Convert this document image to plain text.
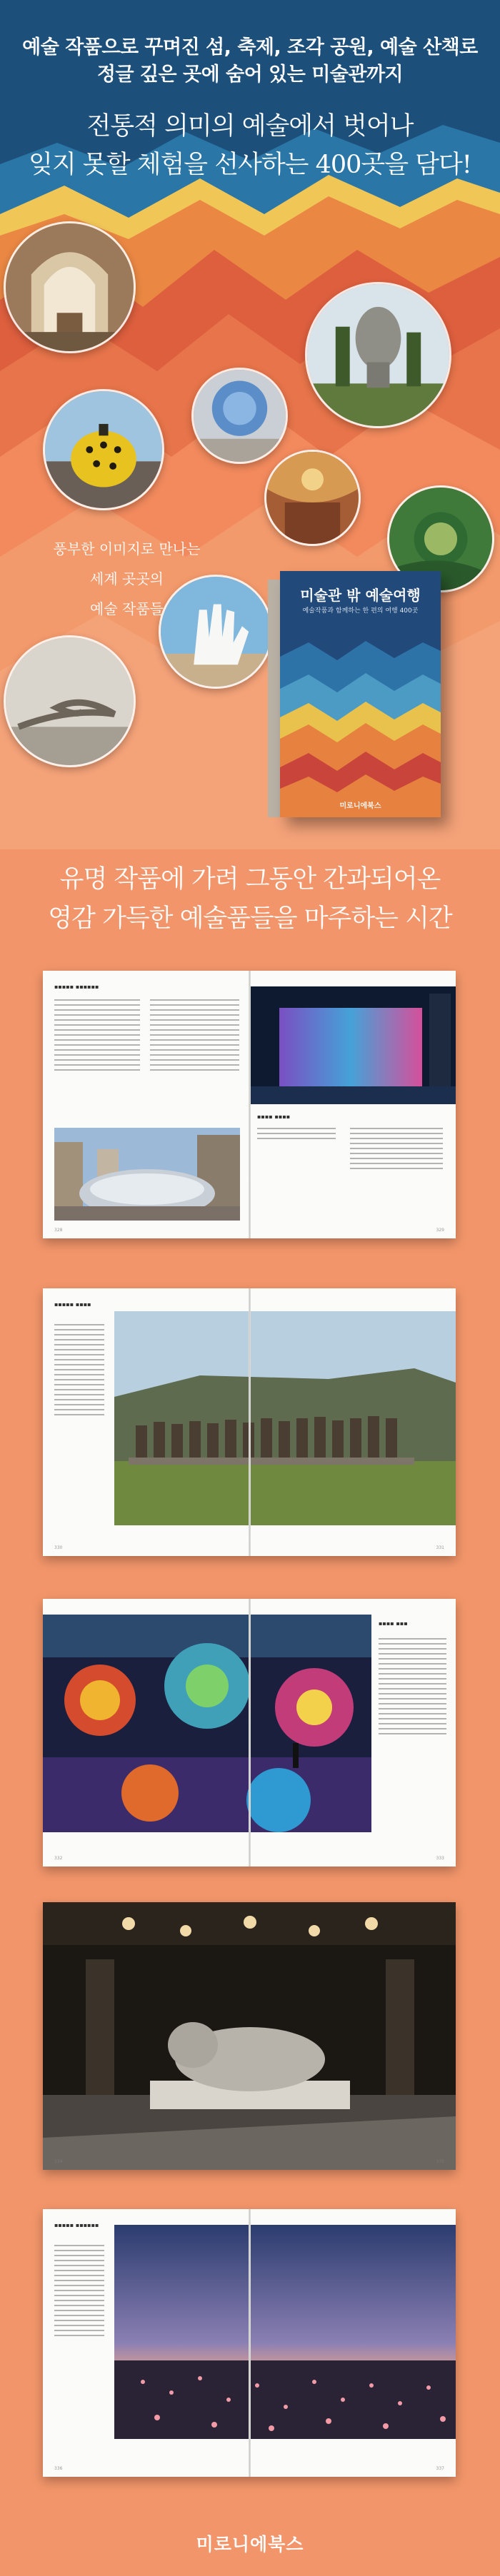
예술 작품으로 꾸며진 섬, 축제, 조각 공원, 예술 산책로
정글 깊은 곳에 숨어 있는 미술관까지
전통적 의미의 예술에서 벗어나
잊지 못할 체험을 선사하는 400곳을 담다!
풍부한 이미지로 만나는
세계 곳곳의
예술 작품들
미술관 밖 예술여행
예술작품과 함께하는 한 편의 여행 400곳
미로니에북스
유명 작품에 가려 그동안 간과되어온
영감 가득한 예술품들을 마주하는 시간
▪▪▪▪▪ ▪▪▪▪▪▪
▪▪▪▪ ▪▪▪▪
328	329
▪▪▪▪▪ ▪▪▪▪
330	331
▪▪▪▪ ▪▪▪
332	333
334	335
▪▪▪▪▪ ▪▪▪▪▪▪
336	337
미로니에북스
